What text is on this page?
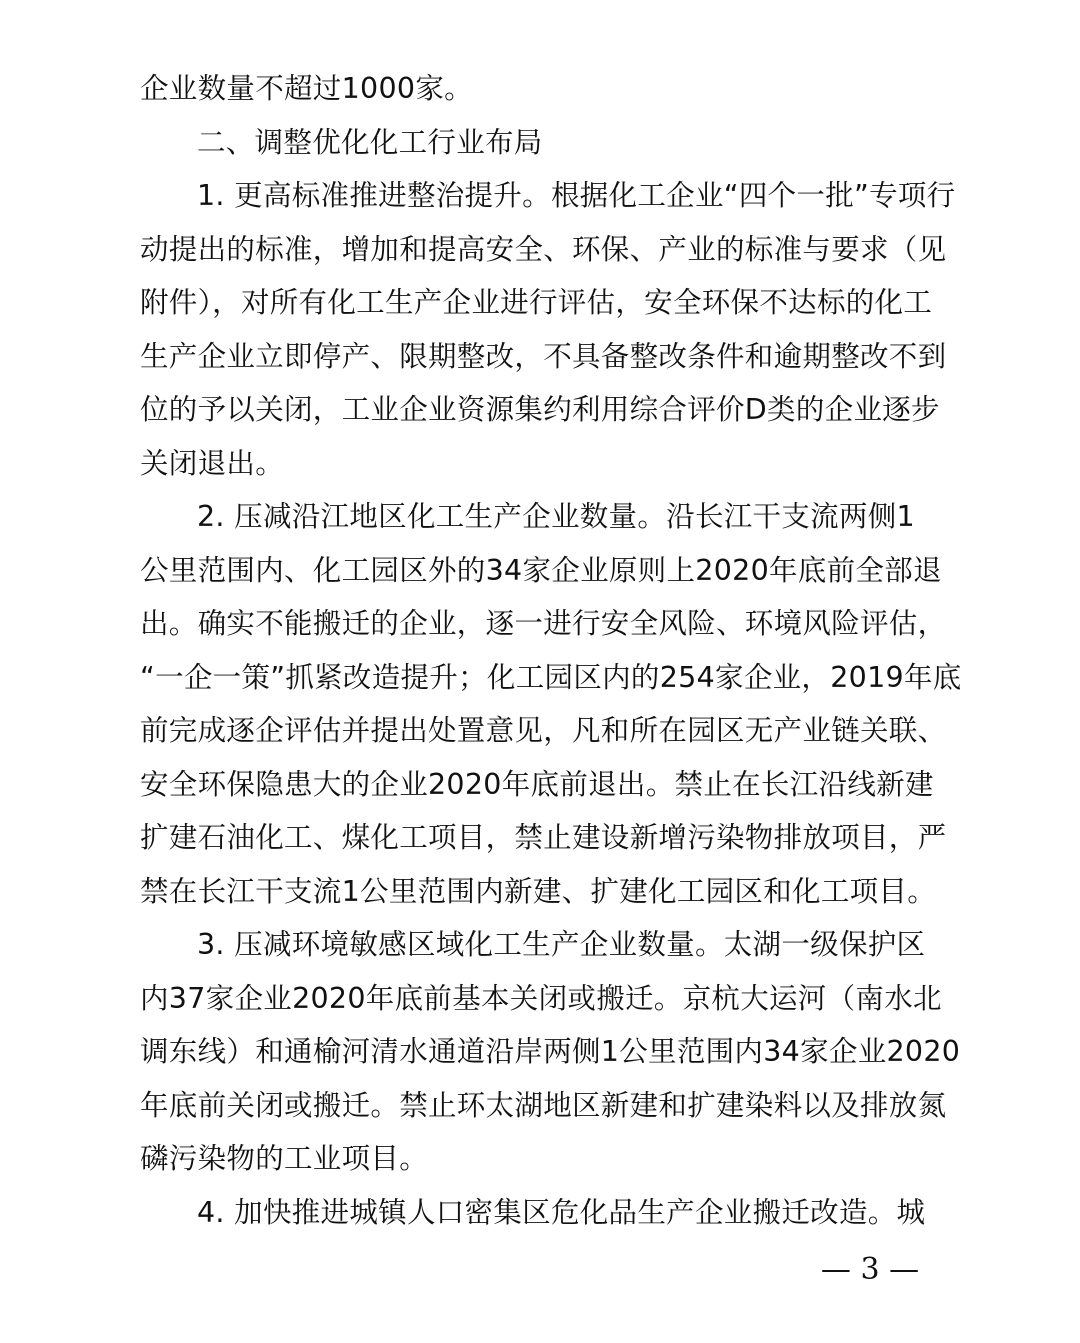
企业数量不超过1000家。
二、调整优化化工行业布局
1. 更高标准推进整治提升。根据化工企业“四个一批”专项行
动提出的标准，增加和提高安全、环保、产业的标准与要求（见
附件），对所有化工生产企业进行评估，安全环保不达标的化工
生产企业立即停产、限期整改，不具备整改条件和逾期整改不到
位的予以关闭，工业企业资源集约利用综合评价D类的企业逐步
关闭退出。
2. 压减沿江地区化工生产企业数量。沿长江干支流两侧1
公里范围内、化工园区外的34家企业原则上2020年底前全部退
出。确实不能搬迁的企业，逐一进行安全风险、环境风险评估，
“一企一策”抓紧改造提升；化工园区内的254家企业，2019年底
前完成逐企评估并提出处置意见，凡和所在园区无产业链关联、
安全环保隐患大的企业2020年底前退出。禁止在长江沿线新建
扩建石油化工、煤化工项目，禁止建设新增污染物排放项目，严
禁在长江干支流1公里范围内新建、扩建化工园区和化工项目。
3. 压减环境敏感区域化工生产企业数量。太湖一级保护区
内37家企业2020年底前基本关闭或搬迁。京杭大运河（南水北
调东线）和通榆河清水通道沿岸两侧1公里范围内34家企业2020
年底前关闭或搬迁。禁止环太湖地区新建和扩建染料以及排放氮
磷污染物的工业项目。
4. 加快推进城镇人口密集区危化品生产企业搬迁改造。城
— 3 —
